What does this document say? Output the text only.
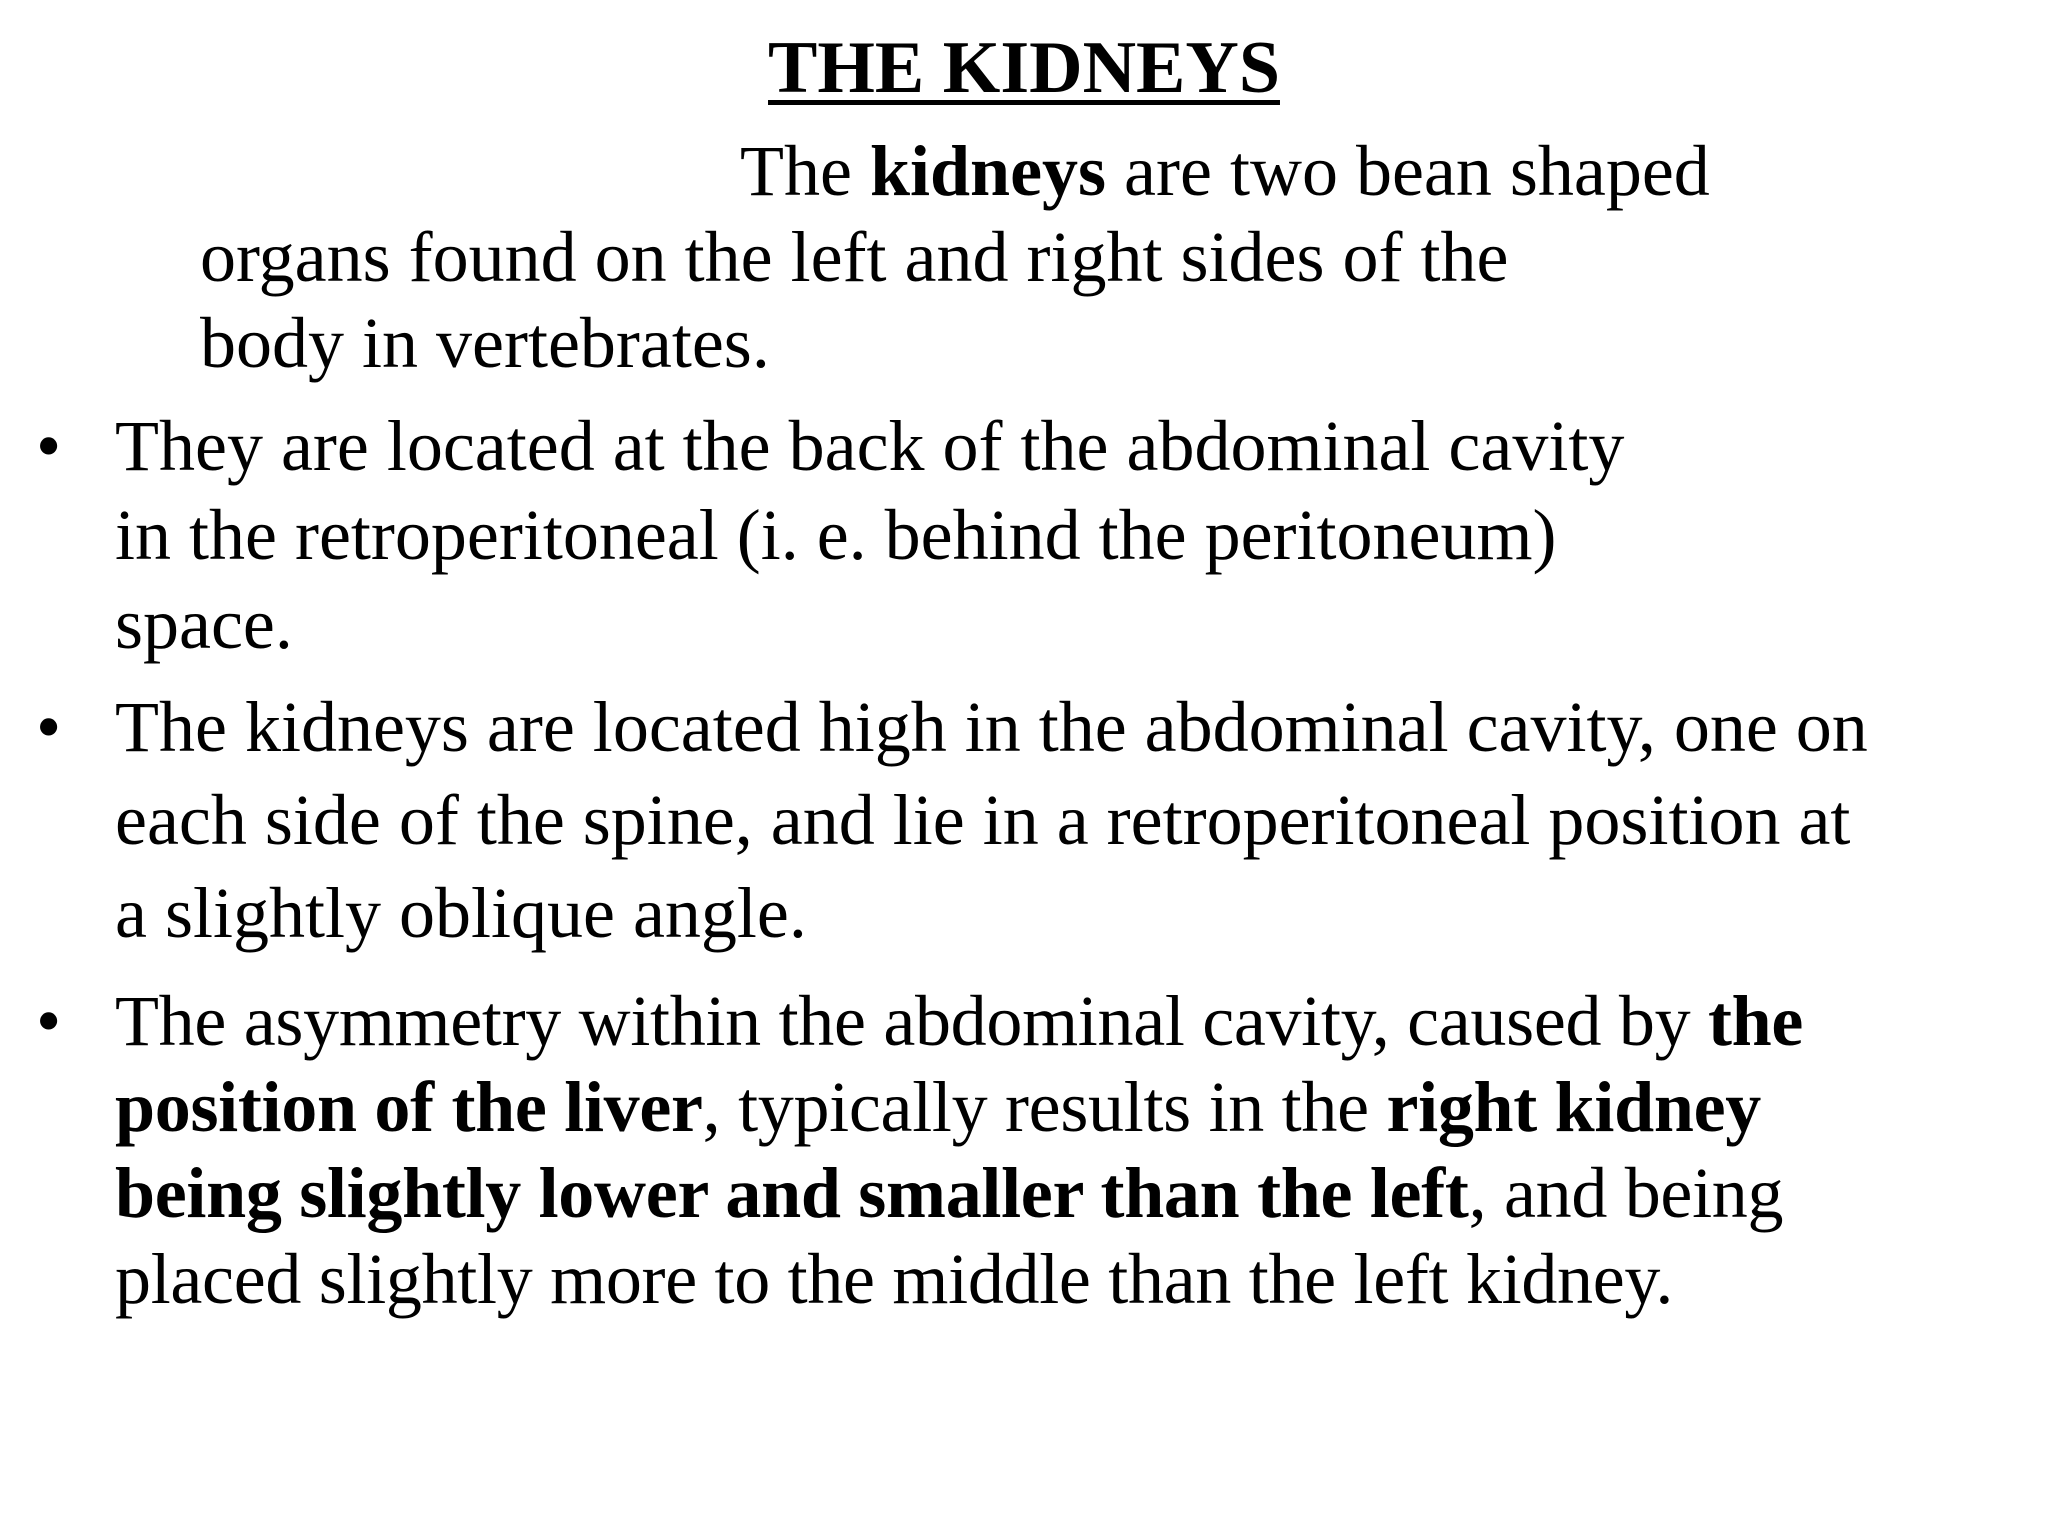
THE KIDNEYS
The kidneys are two bean shaped
organs found on the left and right sides of the
body in vertebrates.
• They are located at the back of the abdominal cavity
in the retroperitoneal (i. e. behind the peritoneum)
space.
• The kidneys are located high in the abdominal cavity, one on
each side of the spine, and lie in a retroperitoneal position at
a slightly oblique angle.
• The asymmetry within the abdominal cavity, caused by the
position of the liver, typically results in the right kidney
being slightly lower and smaller than the left, and being
placed slightly more to the middle than the left kidney.
